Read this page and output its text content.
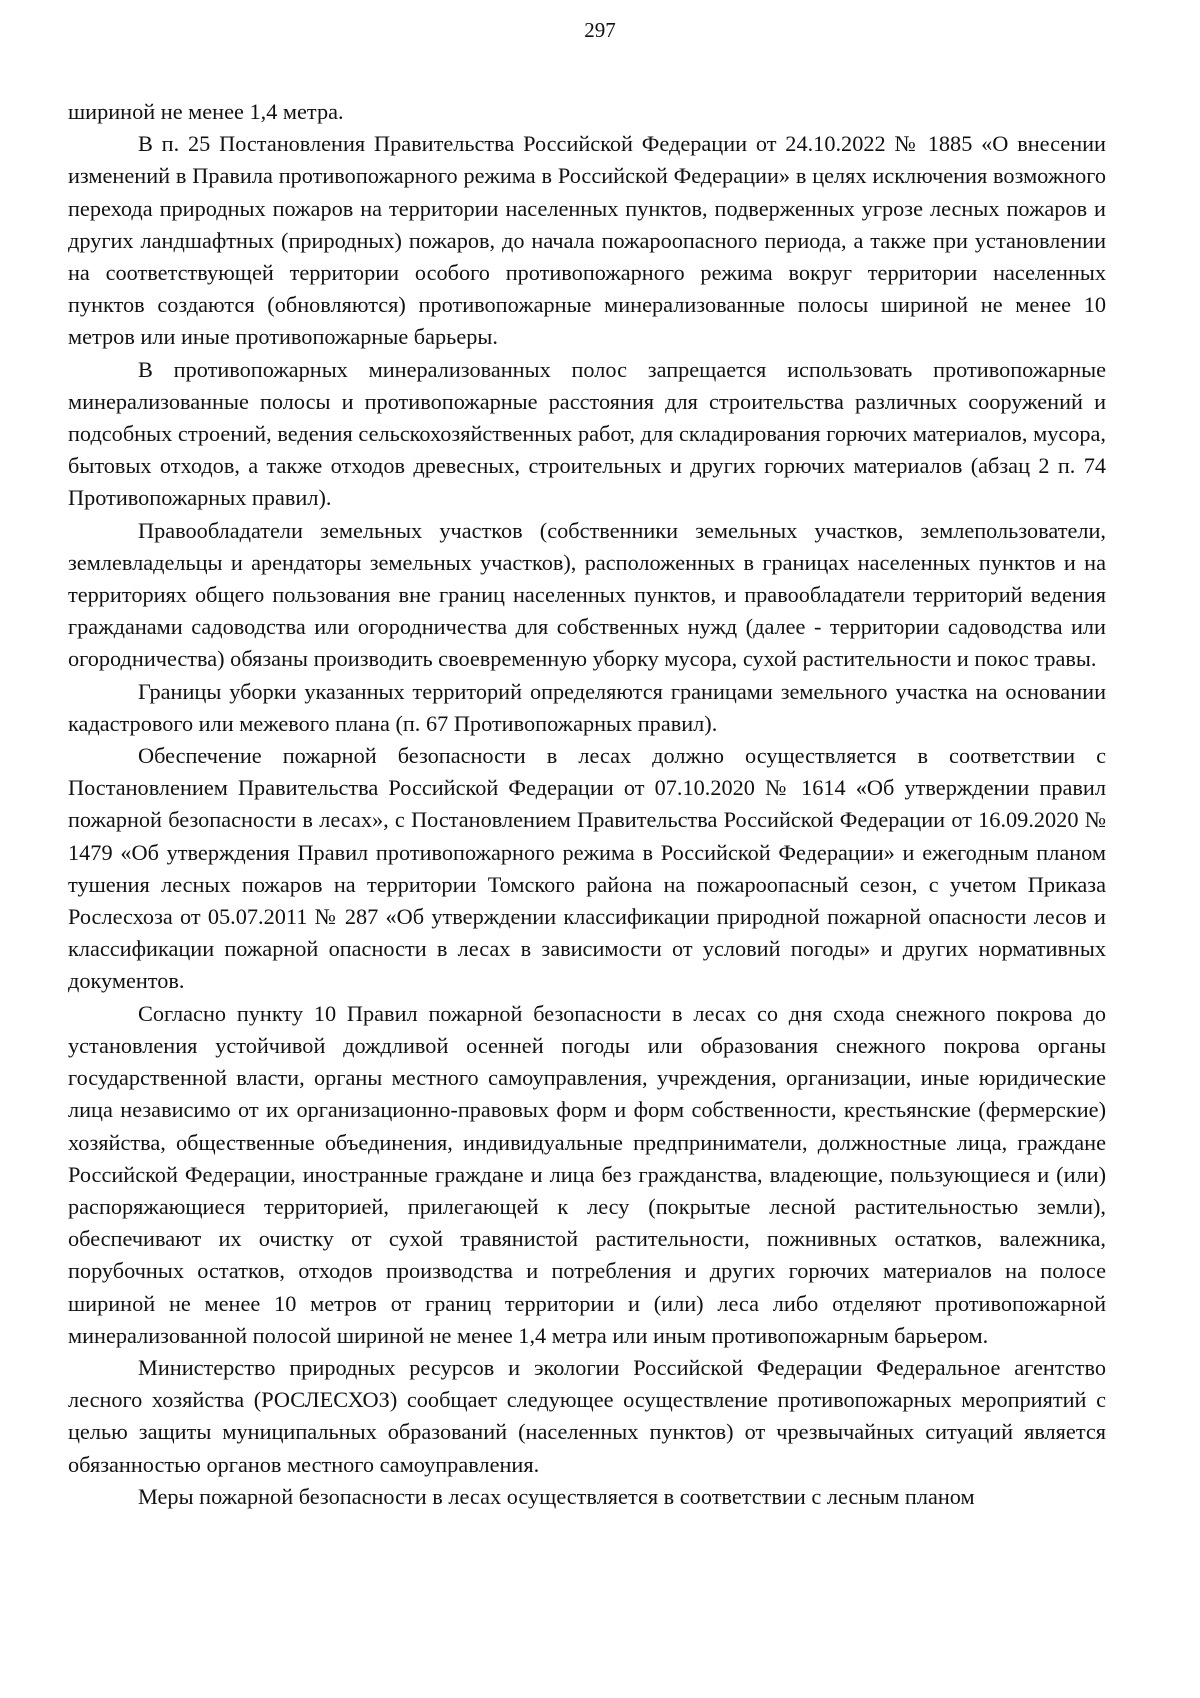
297

шириной не менее 1,4 метра.

В п. 25 Постановления Правительства Российской Федерации от 24.10.2022 № 1885 «О внесении изменений в Правила противопожарного режима в Российской Федерации» в целях исключения возможного перехода природных пожаров на территории населенных пунктов, подверженных угрозе лесных пожаров и других ландшафтных (природных) пожаров, до начала пожароопасного периода, а также при установлении на соответствующей территории особого противопожарного режима вокруг территории населенных пунктов создаются (обновляются) противопожарные минерализованные полосы шириной не менее 10 метров или иные противопожарные барьеры.

В противопожарных минерализованных полос запрещается использовать противопожарные минерализованные полосы и противопожарные расстояния для строительства различных сооружений и подсобных строений, ведения сельскохозяйственных работ, для складирования горючих материалов, мусора, бытовых отходов, а также отходов древесных, строительных и других горючих материалов (абзац 2 п. 74 Противопожарных правил).

Правообладатели земельных участков (собственники земельных участков, землепользователи, землевладельцы и арендаторы земельных участков), расположенных в границах населенных пунктов и на территориях общего пользования вне границ населенных пунктов, и правообладатели территорий ведения гражданами садоводства или огородничества для собственных нужд (далее - территории садоводства или огородничества) обязаны производить своевременную уборку мусора, сухой растительности и покос травы.

Границы уборки указанных территорий определяются границами земельного участка на основании кадастрового или межевого плана (п. 67 Противопожарных правил).

Обеспечение пожарной безопасности в лесах должно осуществляется в соответствии с Постановлением Правительства Российской Федерации от 07.10.2020 № 1614 «Об утверждении правил пожарной безопасности в лесах», с Постановлением Правительства Российской Федерации от 16.09.2020 № 1479 «Об утверждения Правил противопожарного режима в Российской Федерации» и ежегодным планом тушения лесных пожаров на территории Томского района на пожароопасный сезон, с учетом Приказа Рослесхоза от 05.07.2011 № 287 «Об утверждении классификации природной пожарной опасности лесов и классификации пожарной опасности в лесах в зависимости от условий погоды» и других нормативных документов.

Согласно пункту 10 Правил пожарной безопасности в лесах со дня схода снежного покрова до установления устойчивой дождливой осенней погоды или образования снежного покрова органы государственной власти, органы местного самоуправления, учреждения, организации, иные юридические лица независимо от их организационно-правовых форм и форм собственности, крестьянские (фермерские) хозяйства, общественные объединения, индивидуальные предприниматели, должностные лица, граждане Российской Федерации, иностранные граждане и лица без гражданства, владеющие, пользующиеся и (или) распоряжающиеся территорией, прилегающей к лесу (покрытые лесной растительностью земли), обеспечивают их очистку от сухой травянистой растительности, пожнивных остатков, валежника, порубочных остатков, отходов производства и потребления и других горючих материалов на полосе шириной не менее 10 метров от границ территории и (или) леса либо отделяют противопожарной минерализованной полосой шириной не менее 1,4 метра или иным противопожарным барьером.

Министерство природных ресурсов и экологии Российской Федерации Федеральное агентство лесного хозяйства (РОСЛЕСХОЗ) сообщает следующее осуществление противопожарных мероприятий с целью защиты муниципальных образований (населенных пунктов) от чрезвычайных ситуаций является обязанностью органов местного самоуправления.

Меры пожарной безопасности в лесах осуществляется в соответствии с лесным планом
